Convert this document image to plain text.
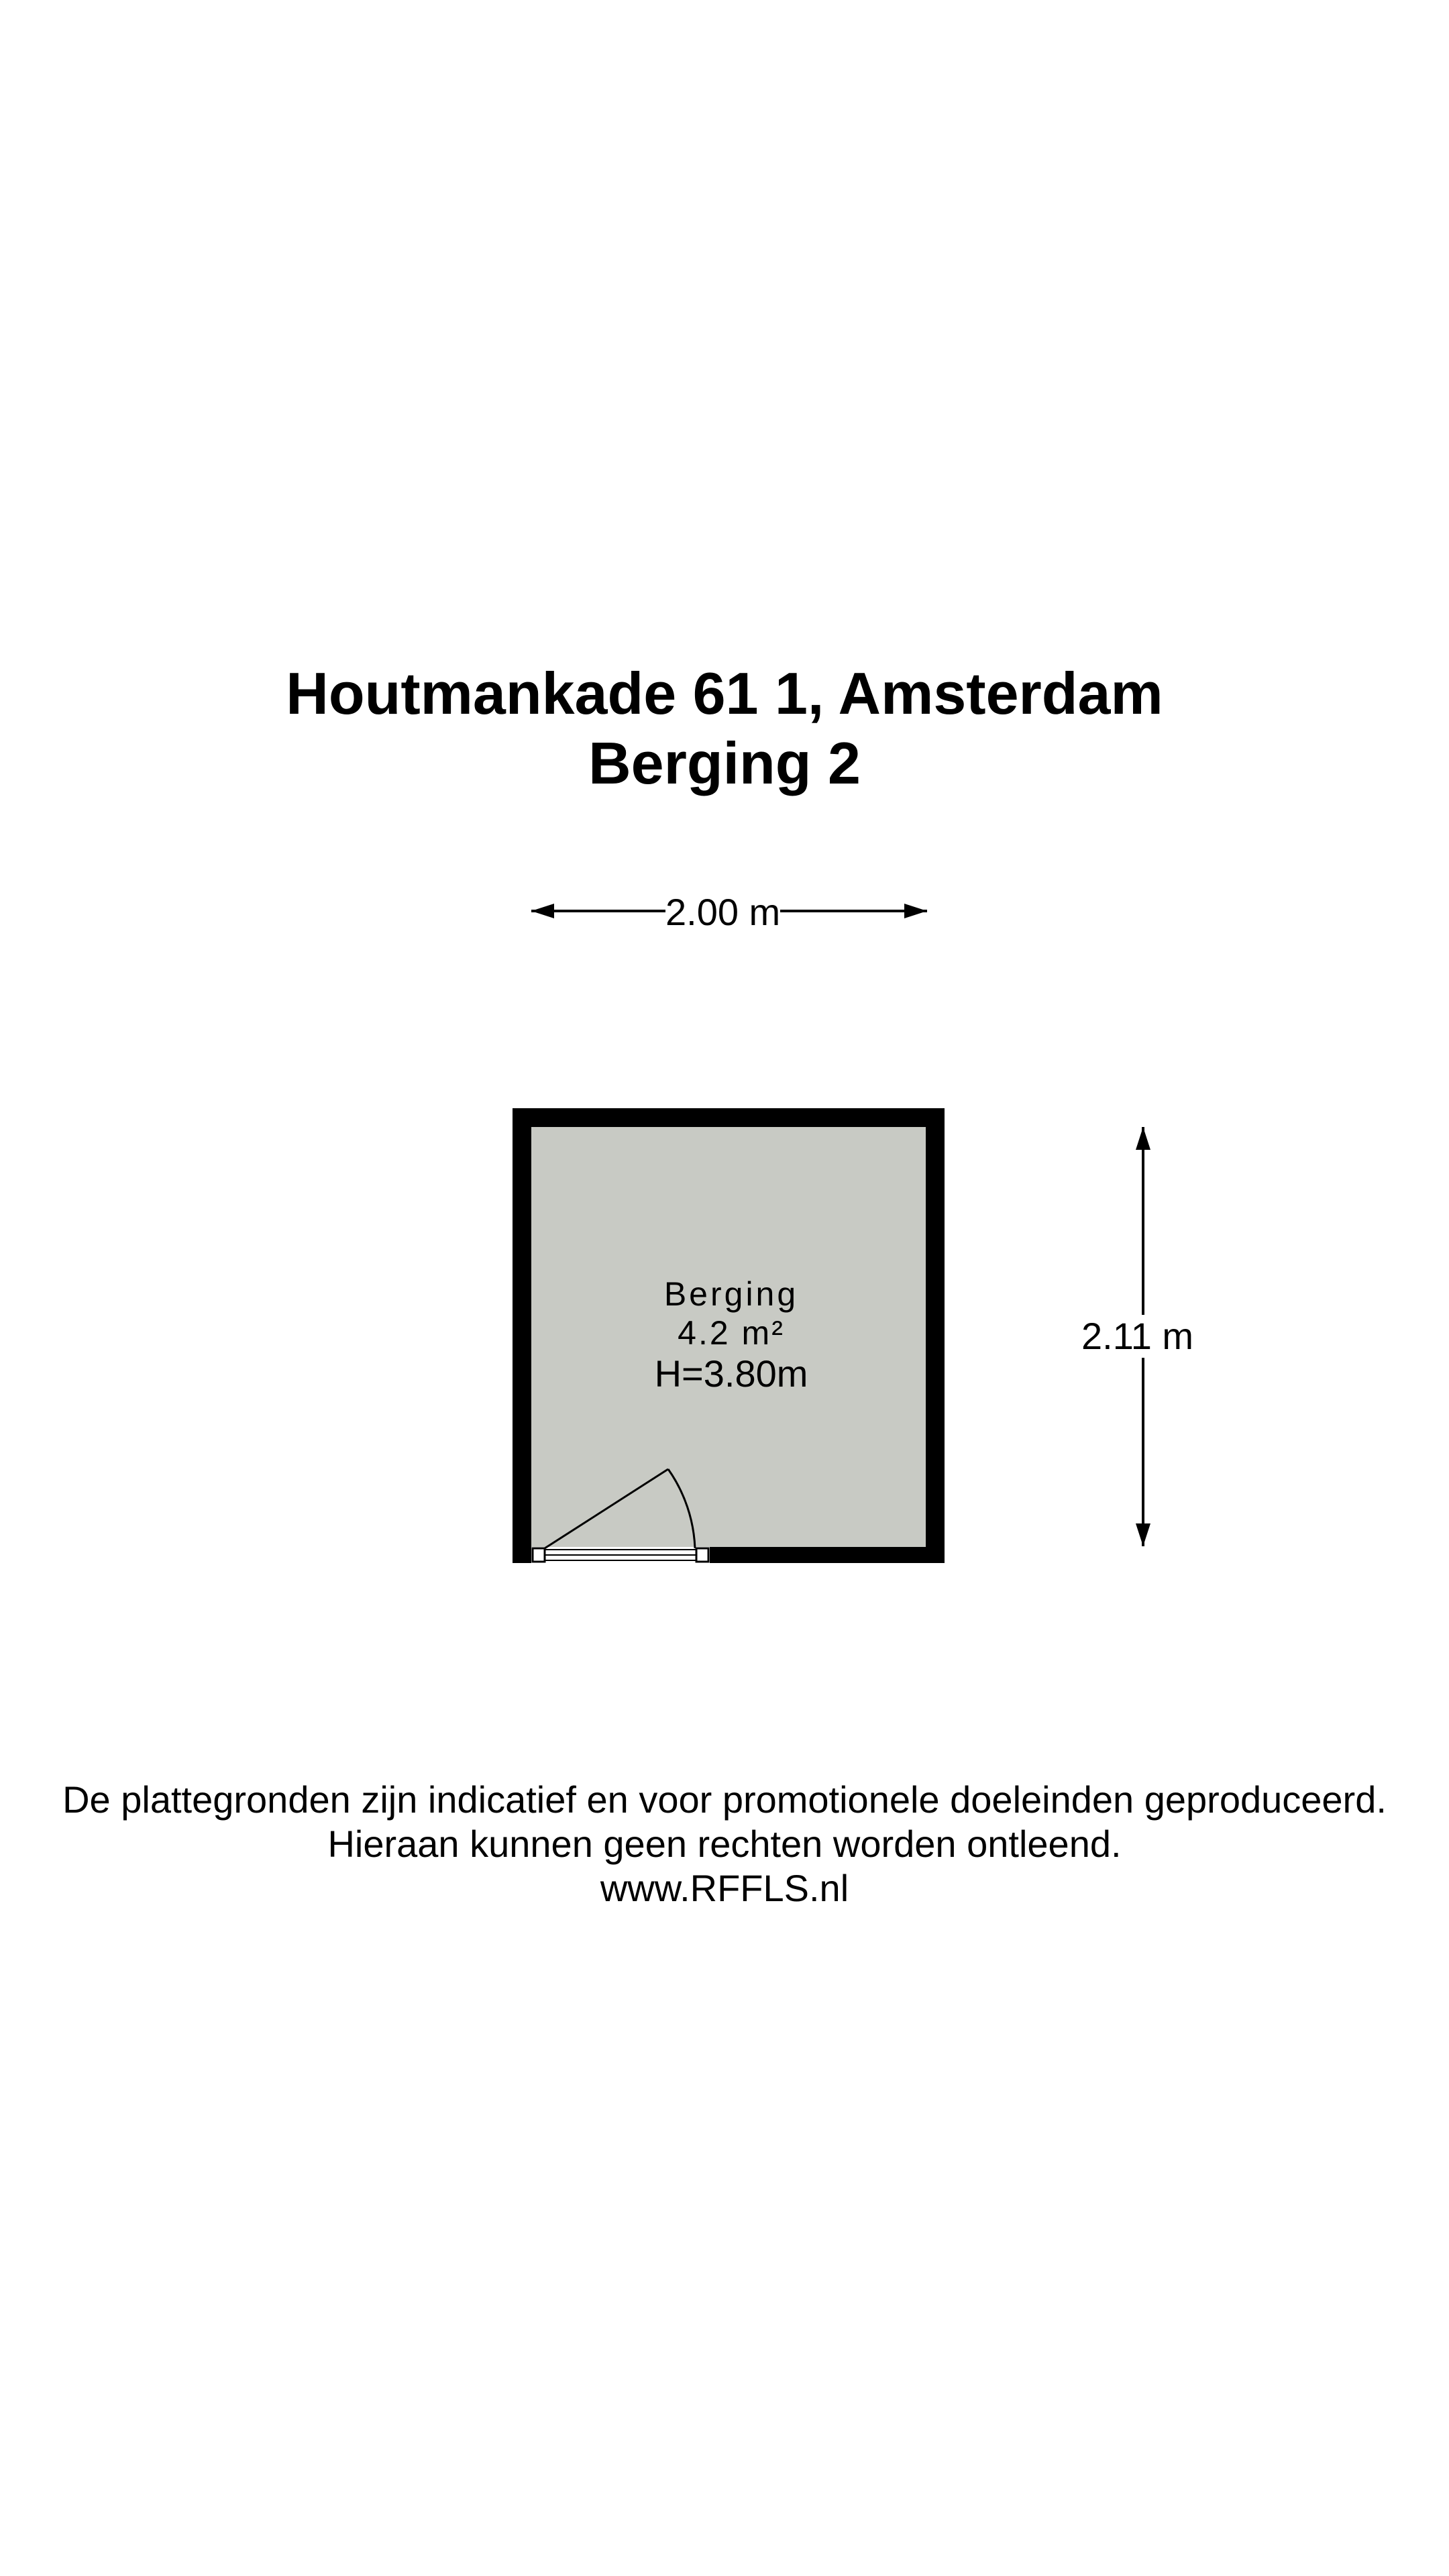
Houtmankade 61 1, Amsterdam
Berging 2
2.00 m
2.11 m
Berging
4.2 m²
H=3.80m
De plattegronden zijn indicatief en voor promotionele doeleinden geproduceerd.
Hieraan kunnen geen rechten worden ontleend.
www.RFFLS.nl
